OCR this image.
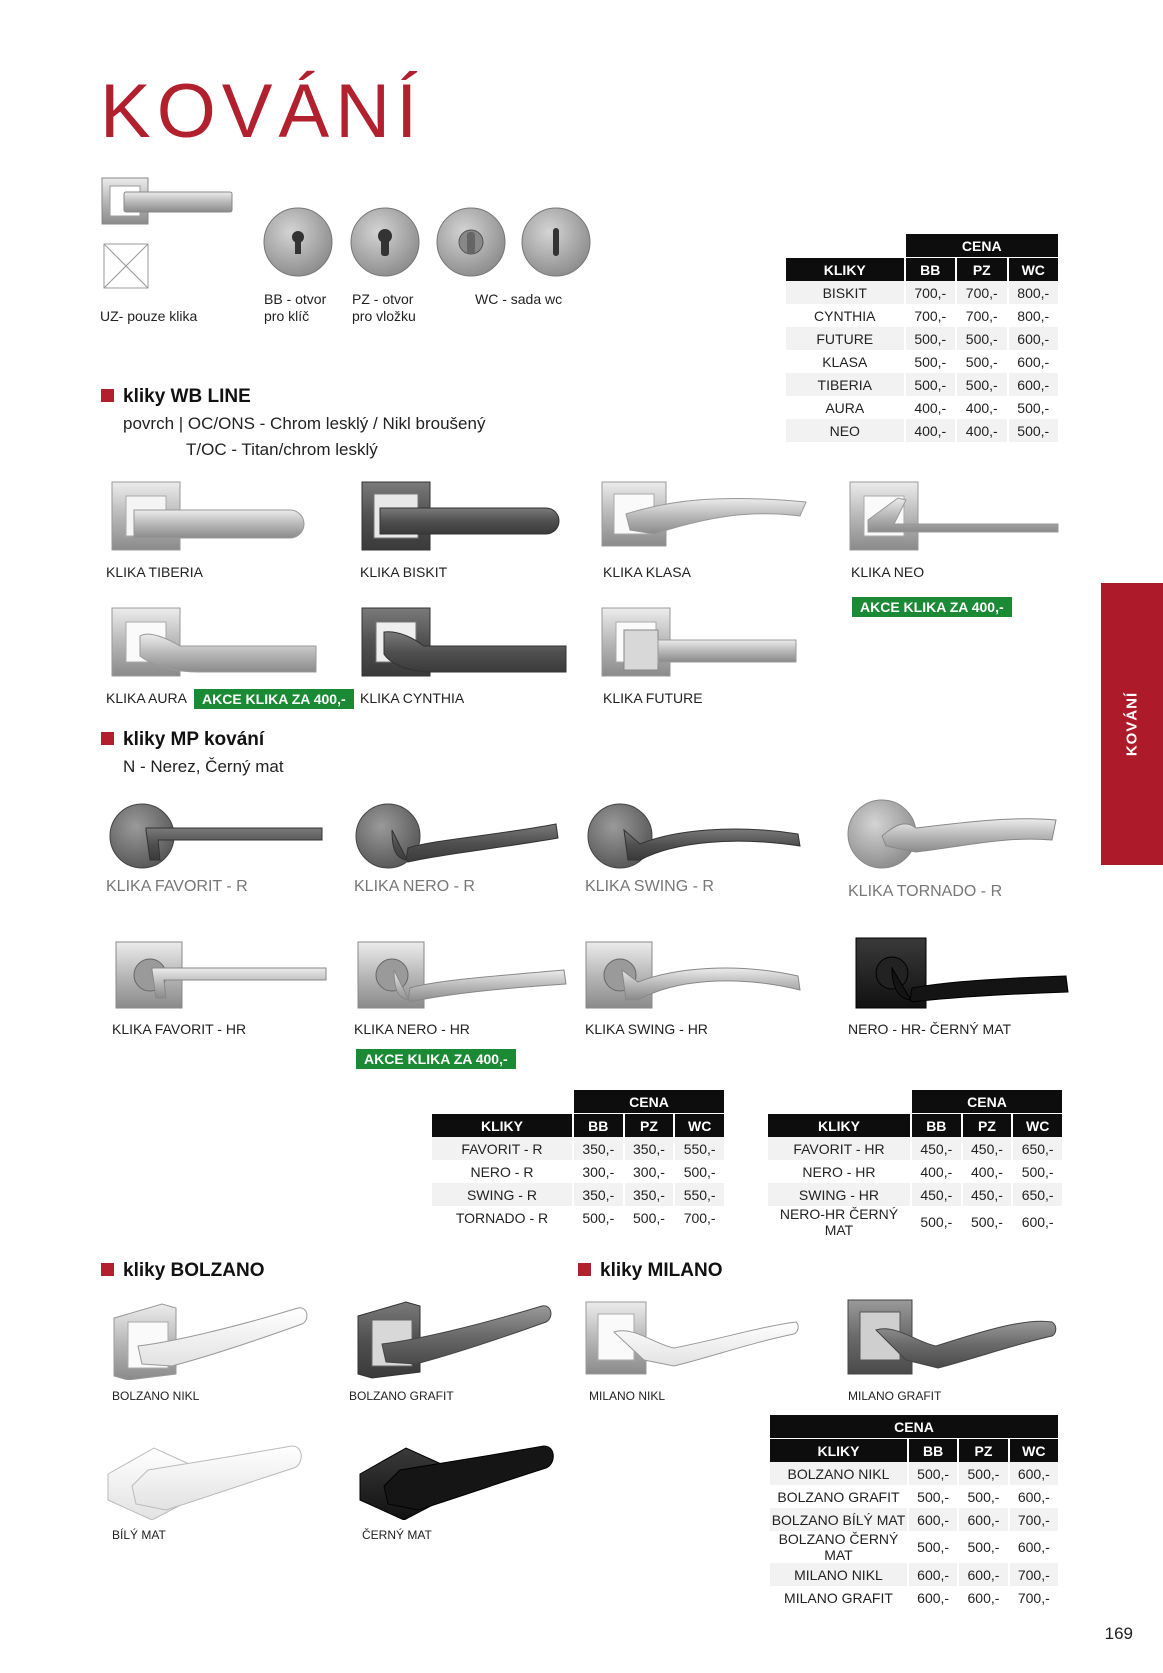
KOVÁNÍ
UZ- pouze klika
BB - otvor
pro klíč
PZ - otvor
pro vložku
WC - sada wc
	CENA		
KLIKY	BB	PZ	WC
BISKIT	700,-	700,-	800,-
CYNTHIA	700,-	700,-	800,-
FUTURE	500,-	500,-	600,-
KLASA	500,-	500,-	600,-
TIBERIA	500,-	500,-	600,-
AURA	400,-	400,-	500,-
NEO	400,-	400,-	500,-
kliky WB LINE
povrch | OC/ONS - Chrom lesklý / Nikl broušený
T/OC - Titan/chrom lesklý
KLIKA TIBERIA	KLIKA BISKIT	KLIKA KLASA	KLIKA NEO
AKCE KLIKA ZA 400,-
KLIKA AURA	AKCE KLIKA ZA 400,-	KLIKA CYNTHIA	KLIKA FUTURE
kliky MP kování
N - Nerez, Černý mat
KLIKA FAVORIT - R	KLIKA NERO - R	KLIKA SWING - R	KLIKA TORNADO - R
KLIKA FAVORIT - HR	KLIKA NERO - HR	KLIKA SWING - HR	NERO - HR- ČERNÝ MAT
AKCE KLIKA ZA 400,-
	CENA		
KLIKY	BB	PZ	WC
FAVORIT - R	350,-	350,-	550,-
NERO - R	300,-	300,-	500,-
SWING - R	350,-	350,-	550,-
TORNADO - R	500,-	500,-	700,-
	CENA		
KLIKY	BB	PZ	WC
FAVORIT - HR	450,-	450,-	650,-
NERO - HR	400,-	400,-	500,-
SWING - HR	450,-	450,-	650,-
NERO-HR ČERNÝ MAT	500,-	500,-	600,-
kliky BOLZANO	kliky MILANO
BOLZANO NIKL	BOLZANO GRAFIT	MILANO NIKL	MILANO GRAFIT
BÍLÝ MAT	ČERNÝ MAT
CENA			
KLIKY	BB	PZ	WC
BOLZANO NIKL	500,-	500,-	600,-
BOLZANO GRAFIT	500,-	500,-	600,-
BOLZANO BÍLÝ MAT	600,-	600,-	700,-
BOLZANO ČERNÝ MAT	500,-	500,-	600,-
MILANO NIKL	600,-	600,-	700,-
MILANO GRAFIT	600,-	600,-	700,-
KOVÁNÍ
169
